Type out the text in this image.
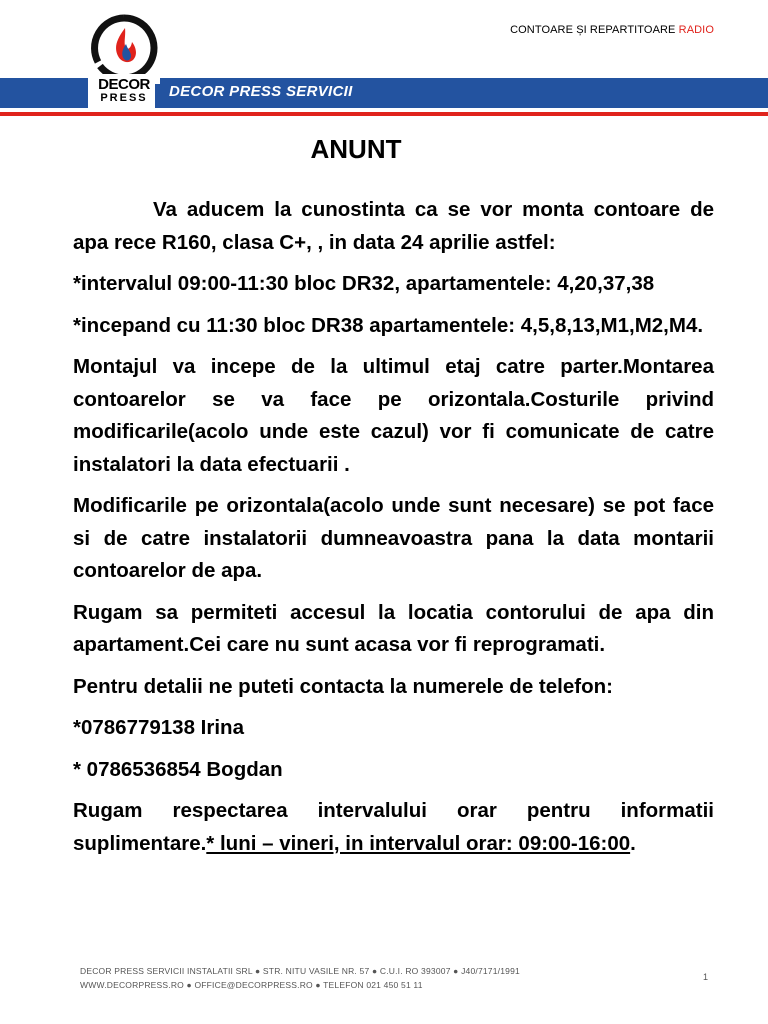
CONTOARE ȘI REPARTITOARE RADIO
DECOR PRESS SERVICII
DECOR
PRESS
ANUNT

Va aducem la cunostinta ca se vor monta contoare de apa rece R160, clasa C+, , in data 24 aprilie astfel:

*intervalul 09:00-11:30 bloc DR32, apartamentele: 4,20,37,38

*incepand cu 11:30 bloc DR38 apartamentele: 4,5,8,13,M1,M2,M4.

Montajul va incepe de la ultimul etaj catre parter.Montarea contoarelor se va face pe orizontala.Costurile privind modificarile(acolo unde este cazul) vor fi comunicate de catre instalatori la data efectuarii .

Modificarile pe orizontala(acolo unde sunt necesare) se pot face si de catre instalatorii dumneavoastra pana la data montarii contoarelor de apa.

Rugam sa permiteti accesul la locatia contorului de apa din apartament.Cei care nu sunt acasa vor fi reprogramati.

Pentru detalii ne puteti contacta la numerele de telefon:

*0786779138 Irina

* 0786536854 Bogdan

Rugam respectarea intervalului orar pentru informatii suplimentare.* luni – vineri, in intervalul orar: 09:00-16:00.

DECOR PRESS SERVICII INSTALATII SRL ● STR. NITU VASILE NR. 57 ● C.U.I. RO 393007 ● J40/7171/1991
WWW.DECORPRESS.RO ● OFFICE@DECORPRESS.RO ● TELEFON 021 450 51 11
1
